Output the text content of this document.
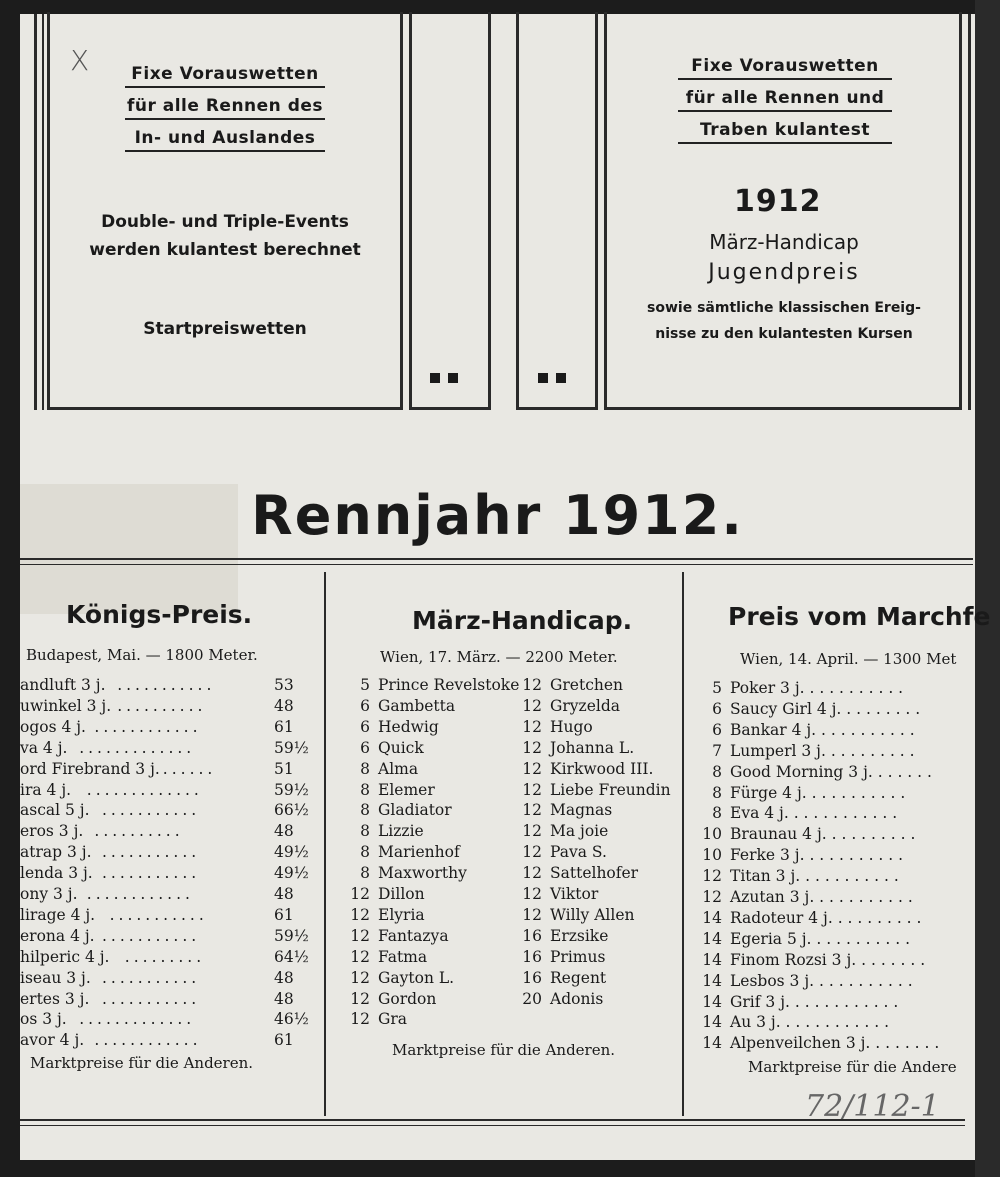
X	Fixe Vorauswetten
für alle Rennen des
In- und Auslandes
Double- und Triple-Events
werden kulantest berechnet
Startpreiswetten
Fixe Vorauswetten
für alle Rennen und
Traben kulantest
1912
März-Handicap
Jugendpreis
sowie sämtliche klassischen Ereig-
nisse zu den kulantesten Kursen
Rennjahr 1912.
Königs-Preis.
Budapest, Mai. — 1800 Meter.
andluft 3 j. ...........	53
uwinkel 3 j. ..........	48
ogos 4 j. ............	61
va 4 j. .............	59½
ord Firebrand 3 j. ......	51
ira 4 j. .............	59½
ascal 5 j. ...........	66½
eros 3 j. ..........	48
atrap 3 j. ...........	49½
lenda 3 j. ...........	49½
ony 3 j. ............	48
lirage 4 j. ...........	61
erona 4 j. ...........	59½
hilperic 4 j. .........	64½
iseau 3 j. ...........	48
ertes 3 j. ...........	48
os 3 j. .............	46½
avor 4 j. ............	61
Marktpreise für die Anderen.
März-Handicap.
Wien, 17. März. — 2200 Meter.
5 Prince Revelstoke
6 Gambetta
6 Hedwig
6 Quick
8 Alma
8 Elemer
8 Gladiator
8 Lizzie
8 Marienhof
8 Maxworthy
12 Dillon
12 Elyria
12 Fantazya
12 Fatma
12 Gayton L.
12 Gordon
12 Gra
12 Gretchen
12 Gryzelda
12 Hugo
12 Johanna L.
12 Kirkwood III.
12 Liebe Freundin
12 Magnas
12 Ma joie
12 Pava S.
12 Sattelhofer
12 Viktor
12 Willy Allen
16 Erzsike
16 Primus
16 Regent
20 Adonis
Marktpreise für die Anderen.
Preis vom Marchfe
Wien, 14. April. — 1300 Met
5 Poker 3 j. . . . . . . . . . .
6 Saucy Girl 4 j. . . . . . . . .
6 Bankar 4 j. . . . . . . . . . .
7 Lumperl 3 j. . . . . . . . . .
8 Good Morning 3 j. . . . . . .
8 Fürge 4 j. . . . . . . . . . .
8 Eva 4 j. . . . . . . . . . . .
10 Braunau 4 j. . . . . . . . . .
10 Ferke 3 j. . . . . . . . . . .
12 Titan 3 j. . . . . . . . . . .
12 Azutan 3 j. . . . . . . . . . .
14 Radoteur 4 j. . . . . . . . . .
14 Egeria 5 j. . . . . . . . . . .
14 Finom Rozsi 3 j. . . . . . . .
14 Lesbos 3 j. . . . . . . . . . .
14 Grif 3 j. . . . . . . . . . . .
14 Au 3 j. . . . . . . . . . . .
14 Alpenveilchen 3 j. . . . . . . .
Marktpreise für die Andere
72/112-1
